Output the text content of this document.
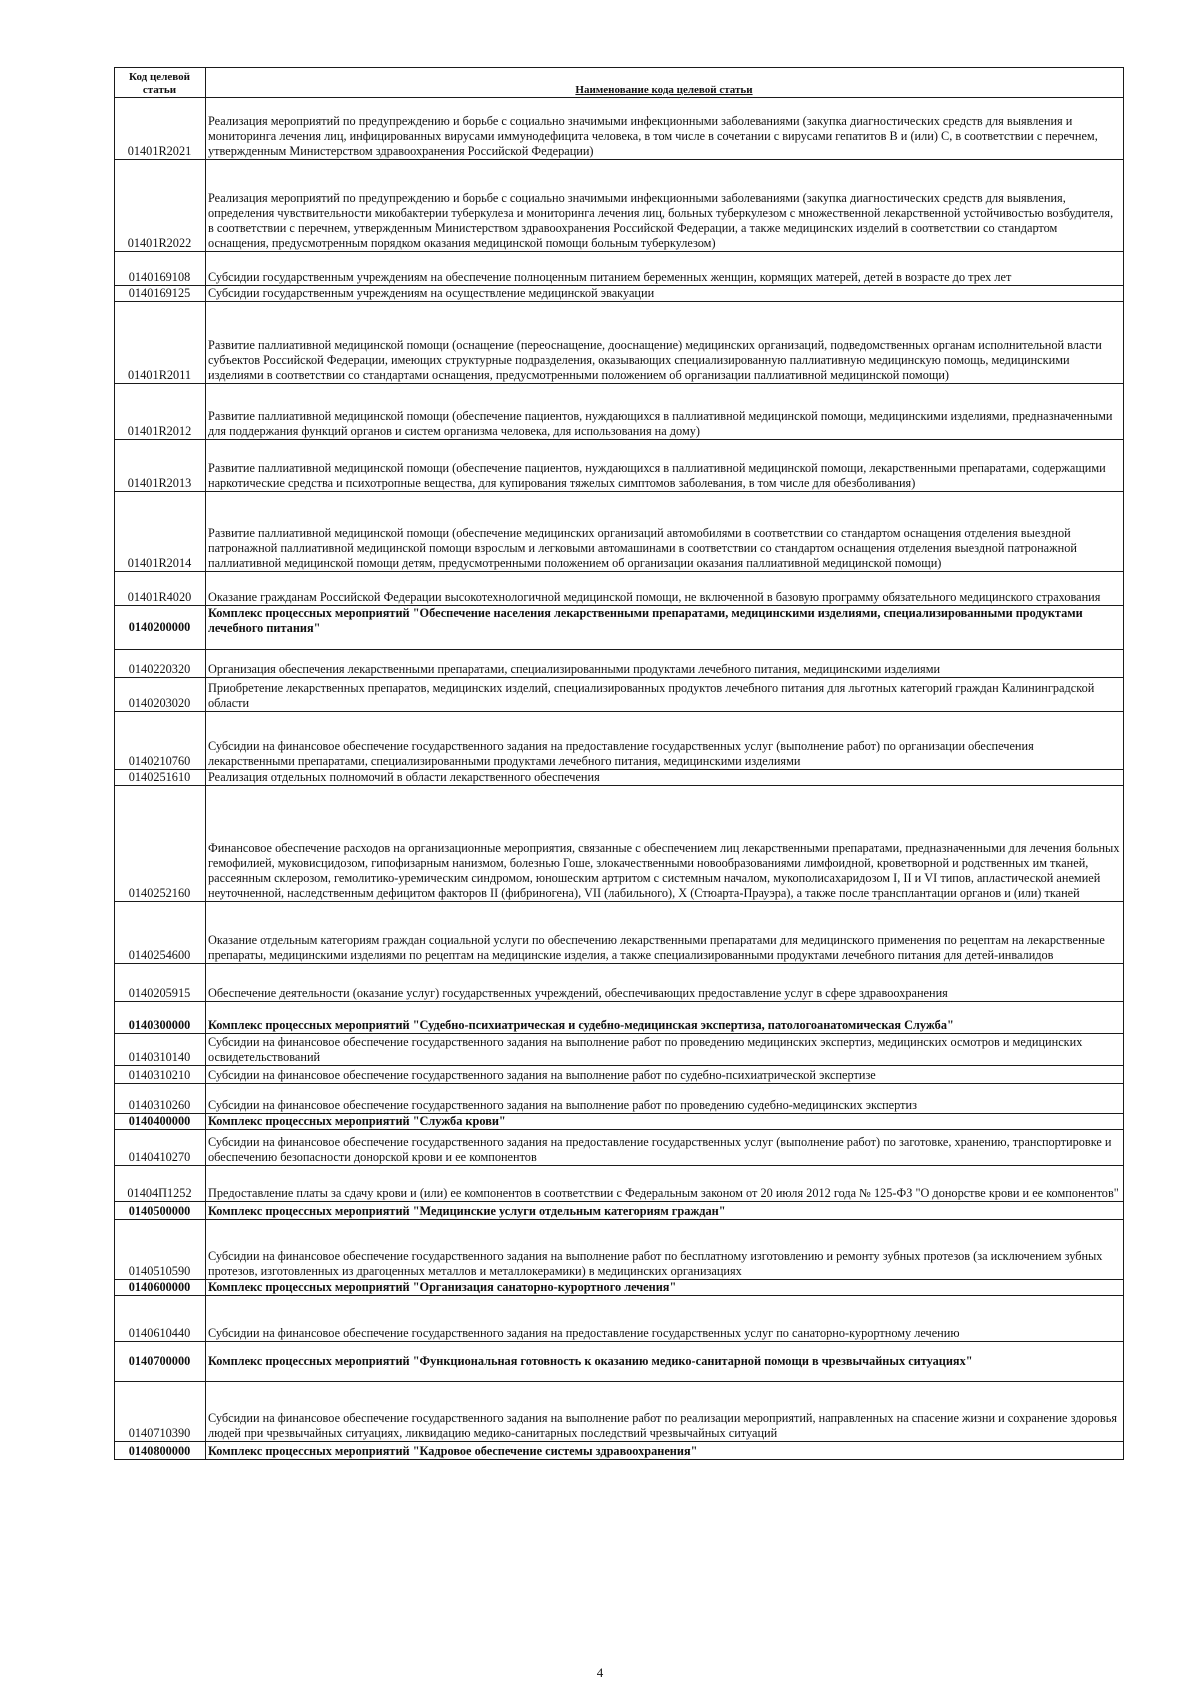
Код целевой статьи	Наименование кода целевой статьи
01401R2021	Реализация мероприятий по предупреждению и борьбе с социально значимыми инфекционными заболеваниями (закупка диагностических средств для выявления и мониторинга лечения лиц, инфицированных вирусами иммунодефицита человека, в том числе в сочетании с вирусами гепатитов B и (или) C, в соответствии с перечнем, утвержденным Министерством здравоохранения Российской Федерации)
01401R2022	Реализация мероприятий по предупреждению и борьбе с социально значимыми инфекционными заболеваниями (закупка диагностических средств для выявления, определения чувствительности микобактерии туберкулеза и мониторинга лечения лиц, больных туберкулезом с множественной лекарственной устойчивостью возбудителя, в соответствии с перечнем, утвержденным Министерством здравоохранения Российской Федерации, а также медицинских изделий в соответствии со стандартом оснащения, предусмотренным порядком оказания медицинской помощи больным туберкулезом)
0140169108	Субсидии государственным учреждениям на обеспечение полноценным питанием беременных женщин, кормящих матерей, детей в возрасте до трех лет
0140169125	Субсидии государственным учреждениям на осуществление медицинской эвакуации
01401R2011	Развитие паллиативной медицинской помощи (оснащение (переоснащение, дооснащение) медицинских организаций, подведомственных органам исполнительной власти субъектов Российской Федерации, имеющих структурные подразделения, оказывающих специализированную паллиативную медицинскую помощь, медицинскими изделиями в соответствии со стандартами оснащения, предусмотренными положением об организации паллиативной медицинской помощи)
01401R2012	Развитие паллиативной медицинской помощи (обеспечение пациентов, нуждающихся в паллиативной медицинской помощи, медицинскими изделиями, предназначенными для поддержания функций органов и систем организма человека, для использования на дому)
01401R2013	Развитие паллиативной медицинской помощи (обеспечение пациентов, нуждающихся в паллиативной медицинской помощи, лекарственными препаратами, содержащими наркотические средства и психотропные вещества, для купирования тяжелых симптомов заболевания, в том числе для обезболивания)
01401R2014	Развитие паллиативной медицинской помощи (обеспечение медицинских организаций автомобилями в соответствии со стандартом оснащения отделения выездной патронажной паллиативной медицинской помощи взрослым и легковыми автомашинами в соответствии со стандартом оснащения отделения выездной патронажной паллиативной медицинской помощи детям, предусмотренными положением об организации оказания паллиативной медицинской помощи)
01401R4020	Оказание гражданам Российской Федерации высокотехнологичной медицинской помощи, не включенной в базовую программу обязательного медицинского страхования
0140200000	Комплекс процессных мероприятий "Обеспечение населения лекарственными препаратами, медицинскими изделиями, специализированными продуктами лечебного питания"
0140220320	Организация обеспечения лекарственными препаратами, специализированными продуктами лечебного питания, медицинскими изделиями
0140203020	Приобретение лекарственных препаратов, медицинских изделий, специализированных продуктов лечебного питания для льготных категорий граждан Калининградской области
0140210760	Субсидии на финансовое обеспечение государственного задания на предоставление государственных услуг (выполнение работ) по организации обеспечения лекарственными препаратами, специализированными продуктами лечебного питания, медицинскими изделиями
0140251610	Реализация отдельных полномочий в области лекарственного обеспечения
0140252160	Финансовое обеспечение расходов на организационные мероприятия, связанные с обеспечением лиц лекарственными препаратами, предназначенными для лечения больных гемофилией, муковисцидозом, гипофизарным нанизмом, болезнью Гоше, злокачественными новообразованиями лимфоидной, кроветворной и родственных им тканей, рассеянным склерозом, гемолитико-уремическим синдромом, юношеским артритом с системным началом, мукополисахаридозом I, II и VI типов, апластической анемией неуточненной, наследственным дефицитом факторов II (фибриногена), VII (лабильного), X (Стюарта-Прауэра), а также после трансплантации органов и (или) тканей
0140254600	Оказание отдельным категориям граждан социальной услуги по обеспечению лекарственными препаратами для медицинского применения по рецептам на лекарственные препараты, медицинскими изделиями по рецептам на медицинские изделия, а также специализированными продуктами лечебного питания для детей-инвалидов
0140205915	Обеспечение деятельности (оказание услуг) государственных учреждений, обеспечивающих предоставление услуг в сфере здравоохранения
0140300000	Комплекс процессных мероприятий "Судебно-психиатрическая и судебно-медицинская экспертиза, патологоанатомическая Служба"
0140310140	Субсидии на финансовое обеспечение государственного задания на выполнение работ по проведению медицинских экспертиз, медицинских осмотров и медицинских освидетельствований
0140310210	Субсидии на финансовое обеспечение государственного задания на выполнение работ по судебно-психиатрической экспертизе
0140310260	Субсидии на финансовое обеспечение государственного задания на выполнение работ по проведению судебно-медицинских экспертиз
0140400000	Комплекс процессных мероприятий "Служба крови"
0140410270	Субсидии на финансовое обеспечение государственного задания на предоставление государственных услуг (выполнение работ) по заготовке, хранению, транспортировке и обеспечению безопасности донорской крови и ее компонентов
01404П1252	Предоставление платы за сдачу крови и (или) ее компонентов в соответствии с Федеральным законом от 20 июля 2012 года № 125-ФЗ "О донорстве крови и ее компонентов"
0140500000	Комплекс процессных мероприятий "Медицинские услуги отдельным категориям граждан"
0140510590	Субсидии на финансовое обеспечение государственного задания на выполнение работ по бесплатному изготовлению и ремонту зубных протезов (за исключением зубных протезов, изготовленных из драгоценных металлов и металлокерамики) в медицинских организациях
0140600000	Комплекс процессных мероприятий "Организация санаторно-курортного лечения"
0140610440	Субсидии на финансовое обеспечение государственного задания на предоставление государственных услуг по санаторно-курортному лечению
0140700000	Комплекс процессных мероприятий "Функциональная готовность к оказанию медико-санитарной помощи в чрезвычайных ситуациях"
0140710390	Субсидии на финансовое обеспечение государственного задания на выполнение работ по реализации мероприятий, направленных на спасение жизни и сохранение здоровья людей при чрезвычайных ситуациях, ликвидацию медико-санитарных последствий чрезвычайных ситуаций
0140800000	Комплекс процессных мероприятий "Кадровое обеспечение системы здравоохранения"
4
